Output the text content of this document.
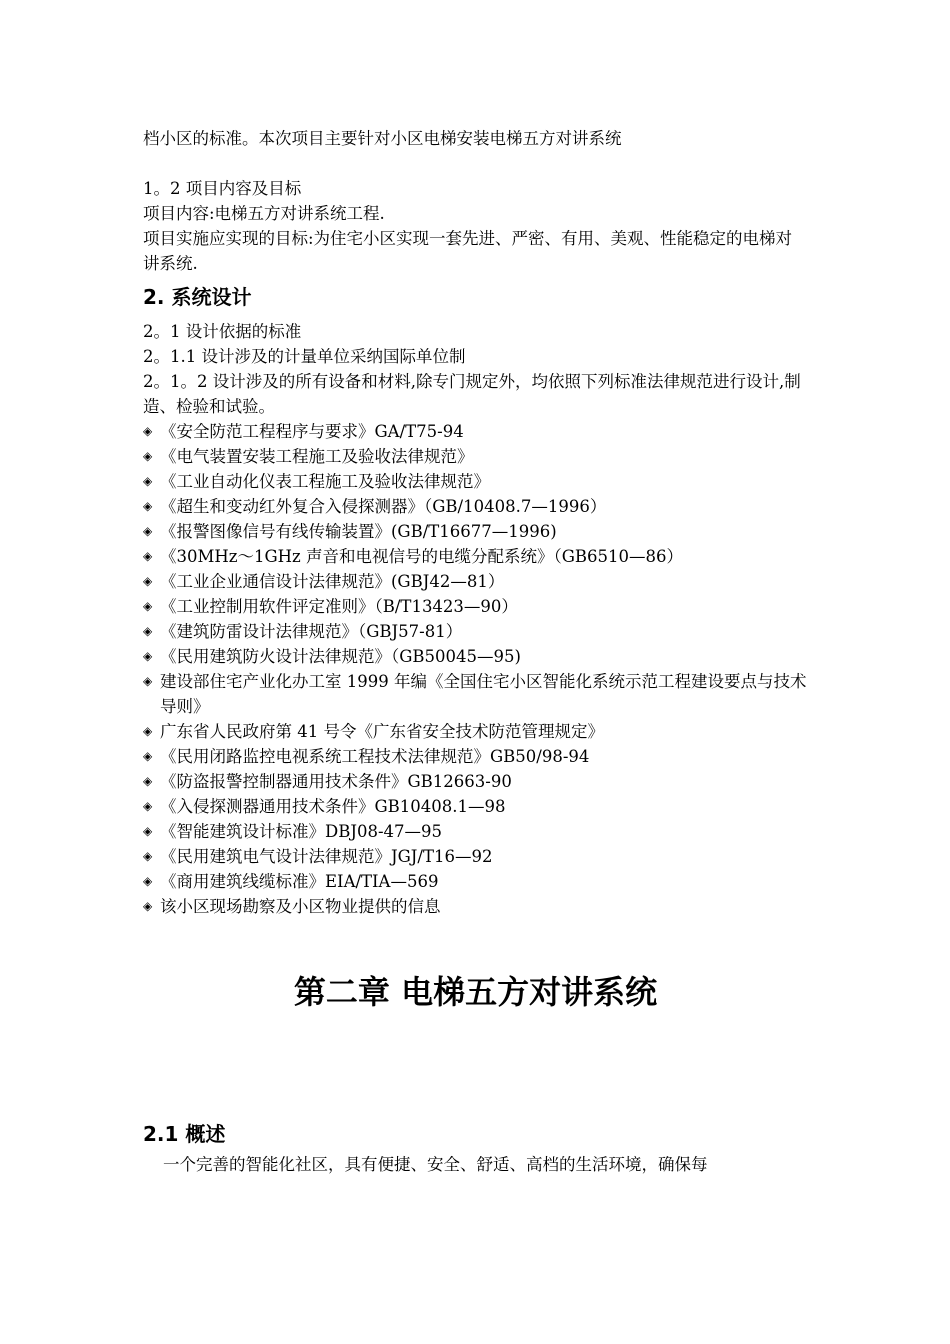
档小区的标准。本次项目主要针对小区电梯安装电梯五方对讲系统
1。2 项目内容及目标
项目内容:电梯五方对讲系统工程.
项目实施应实现的目标:为住宅小区实现一套先进、严密、有用、美观、性能稳定的电梯对讲系统.
2. 系统设计
2。1 设计依据的标准
2。1.1 设计涉及的计量单位采纳国际单位制
2。1。2 设计涉及的所有设备和材料,除专门规定外，均依照下列标准法律规范进行设计,制造、检验和试验。
◈ 《安全防范工程程序与要求》GA/T75-94
◈ 《电气装置安装工程施工及验收法律规范》
◈ 《工业自动化仪表工程施工及验收法律规范》
◈ 《超生和变动红外复合入侵探测器》（GB/10408.7—1996）
◈ 《报警图像信号有线传输装置》(GB/T16677—1996)
◈ 《30MHz～1GHz 声音和电视信号的电缆分配系统》（GB6510—86）
◈ 《工业企业通信设计法律规范》(GBJ42—81）
◈ 《工业控制用软件评定准则》（B/T13423—90）
◈ 《建筑防雷设计法律规范》（GBJ57-81）
◈ 《民用建筑防火设计法律规范》（GB50045—95)
◈ 建设部住宅产业化办工室 1999 年编《全国住宅小区智能化系统示范工程建设要点与技术导则》
◈ 广东省人民政府第 41 号令《广东省安全技术防范管理规定》
◈ 《民用闭路监控电视系统工程技术法律规范》GB50/98-94
◈ 《防盗报警控制器通用技术条件》GB12663-90
◈ 《入侵探测器通用技术条件》GB10408.1—98
◈ 《智能建筑设计标准》DBJ08-47—95
◈ 《民用建筑电气设计法律规范》JGJ/T16—92
◈ 《商用建筑线缆标准》EIA/TIA—569
◈ 该小区现场勘察及小区物业提供的信息
第二章 电梯五方对讲系统
2.1 概述
一个完善的智能化社区，具有便捷、安全、舒适、高档的生活环境，确保每
